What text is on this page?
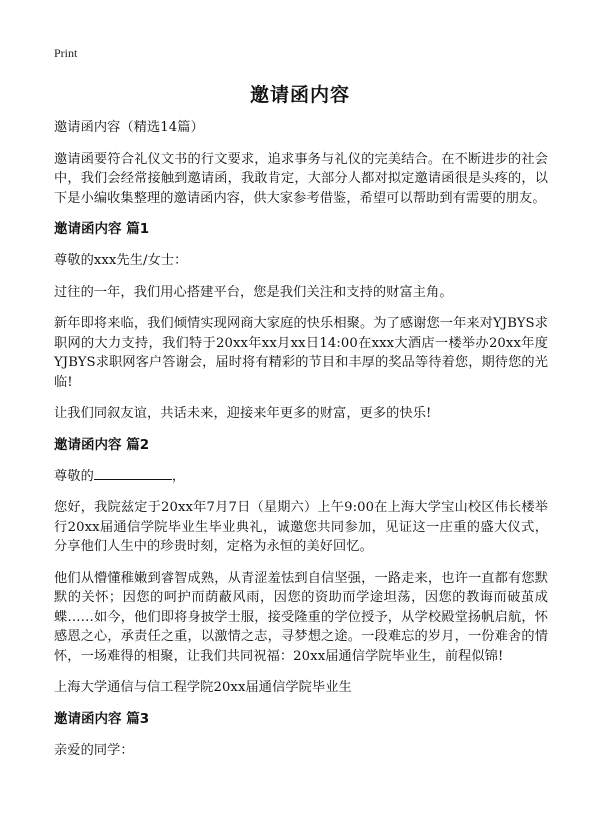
Print
邀请函内容
邀请函内容（精选14篇）
邀请函要符合礼仪文书的行文要求，追求事务与礼仪的完美结合。在不断进步的社会中，我们会经常接触到邀请函，我敢肯定，大部分人都对拟定邀请函很是头疼的，以下是小编收集整理的邀请函内容，供大家参考借鉴，希望可以帮助到有需要的朋友。
邀请函内容 篇1
尊敬的xxx先生/女士：
过往的一年，我们用心搭建平台，您是我们关注和支持的财富主角。
新年即将来临，我们倾情实现网商大家庭的快乐相聚。为了感谢您一年来对YJBYS求职网的大力支持，我们特于20xx年xx月xx日14:00在xxx大酒店一楼举办20xx年度YJBYS求职网客户答谢会，届时将有精彩的节目和丰厚的奖品等待着您，期待您的光临!
让我们同叙友谊，共话未来，迎接来年更多的财富，更多的快乐!
邀请函内容 篇2
尊敬的	，
您好，我院兹定于20xx年7月7日（星期六）上午9:00在上海大学宝山校区伟长楼举行20xx届通信学院毕业生毕业典礼，诚邀您共同参加，见证这一庄重的盛大仪式，分享他们人生中的珍贵时刻，定格为永恒的美好回忆。
他们从懵懂稚嫩到睿智成熟，从青涩羞怯到自信坚强，一路走来，也许一直都有您默默的关怀；因您的呵护而荫蔽风雨，因您的资助而学途坦荡，因您的教诲而破茧成蝶……如今，他们即将身披学士服，接受隆重的学位授予，从学校殿堂扬帆启航，怀感恩之心，承责任之重，以激情之志，寻梦想之途。一段难忘的岁月，一份难舍的情怀，一场难得的相聚，让我们共同祝福：20xx届通信学院毕业生，前程似锦!
上海大学通信与信工程学院20xx届通信学院毕业生
邀请函内容 篇3
亲爱的同学：
